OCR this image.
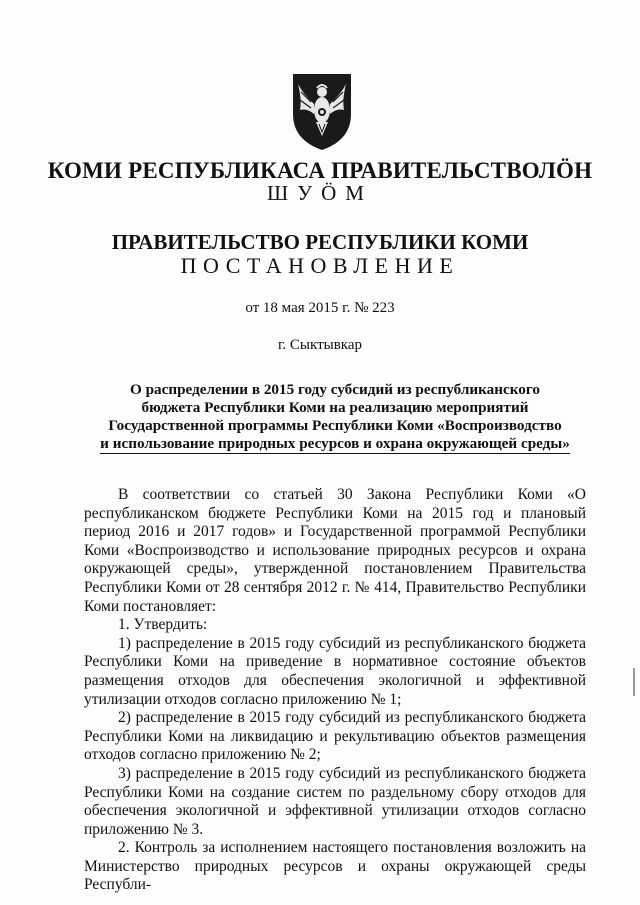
КОМИ РЕСПУБЛИКАСА ПРАВИТЕЛЬСТВОЛÖН
ШУÖМ
ПРАВИТЕЛЬСТВО РЕСПУБЛИКИ КОМИ
ПОСТАНОВЛЕНИЕ
от 18 мая 2015 г. № 223
г. Сыктывкар
О распределении в 2015 году субсидий из республиканского
бюджета Республики Коми на реализацию мероприятий
Государственной программы Республики Коми «Воспроизводство
и использование природных ресурсов и охрана окружающей среды»

В соответствии со статьей 30 Закона Республики Коми «О республиканском бюджете Республики Коми на 2015 год и плановый период 2016 и 2017 годов» и Государственной программой Республики Коми «Воспроизводство и использование природных ресурсов и охрана окружающей среды», утвержденной постановлением Правительства Республики Коми от 28 сентября 2012 г. № 414, Правительство Республики Коми постановляет:

1. Утвердить:

1) распределение в 2015 году субсидий из республиканского бюджета Республики Коми на приведение в нормативное состояние объектов размещения отходов для обеспечения экологичной и эффективной утилизации отходов согласно приложению № 1;

2) распределение в 2015 году субсидий из республиканского бюджета Республики Коми на ликвидацию и рекультивацию объектов размещения отходов согласно приложению № 2;

3) распределение в 2015 году субсидий из республиканского бюджета Республики Коми на создание систем по раздельному сбору отходов для обеспечения экологичной и эффективной утилизации отходов согласно приложению № 3.

2. Контроль за исполнением настоящего постановления возложить на Министерство природных ресурсов и охраны окружающей среды Республи-
